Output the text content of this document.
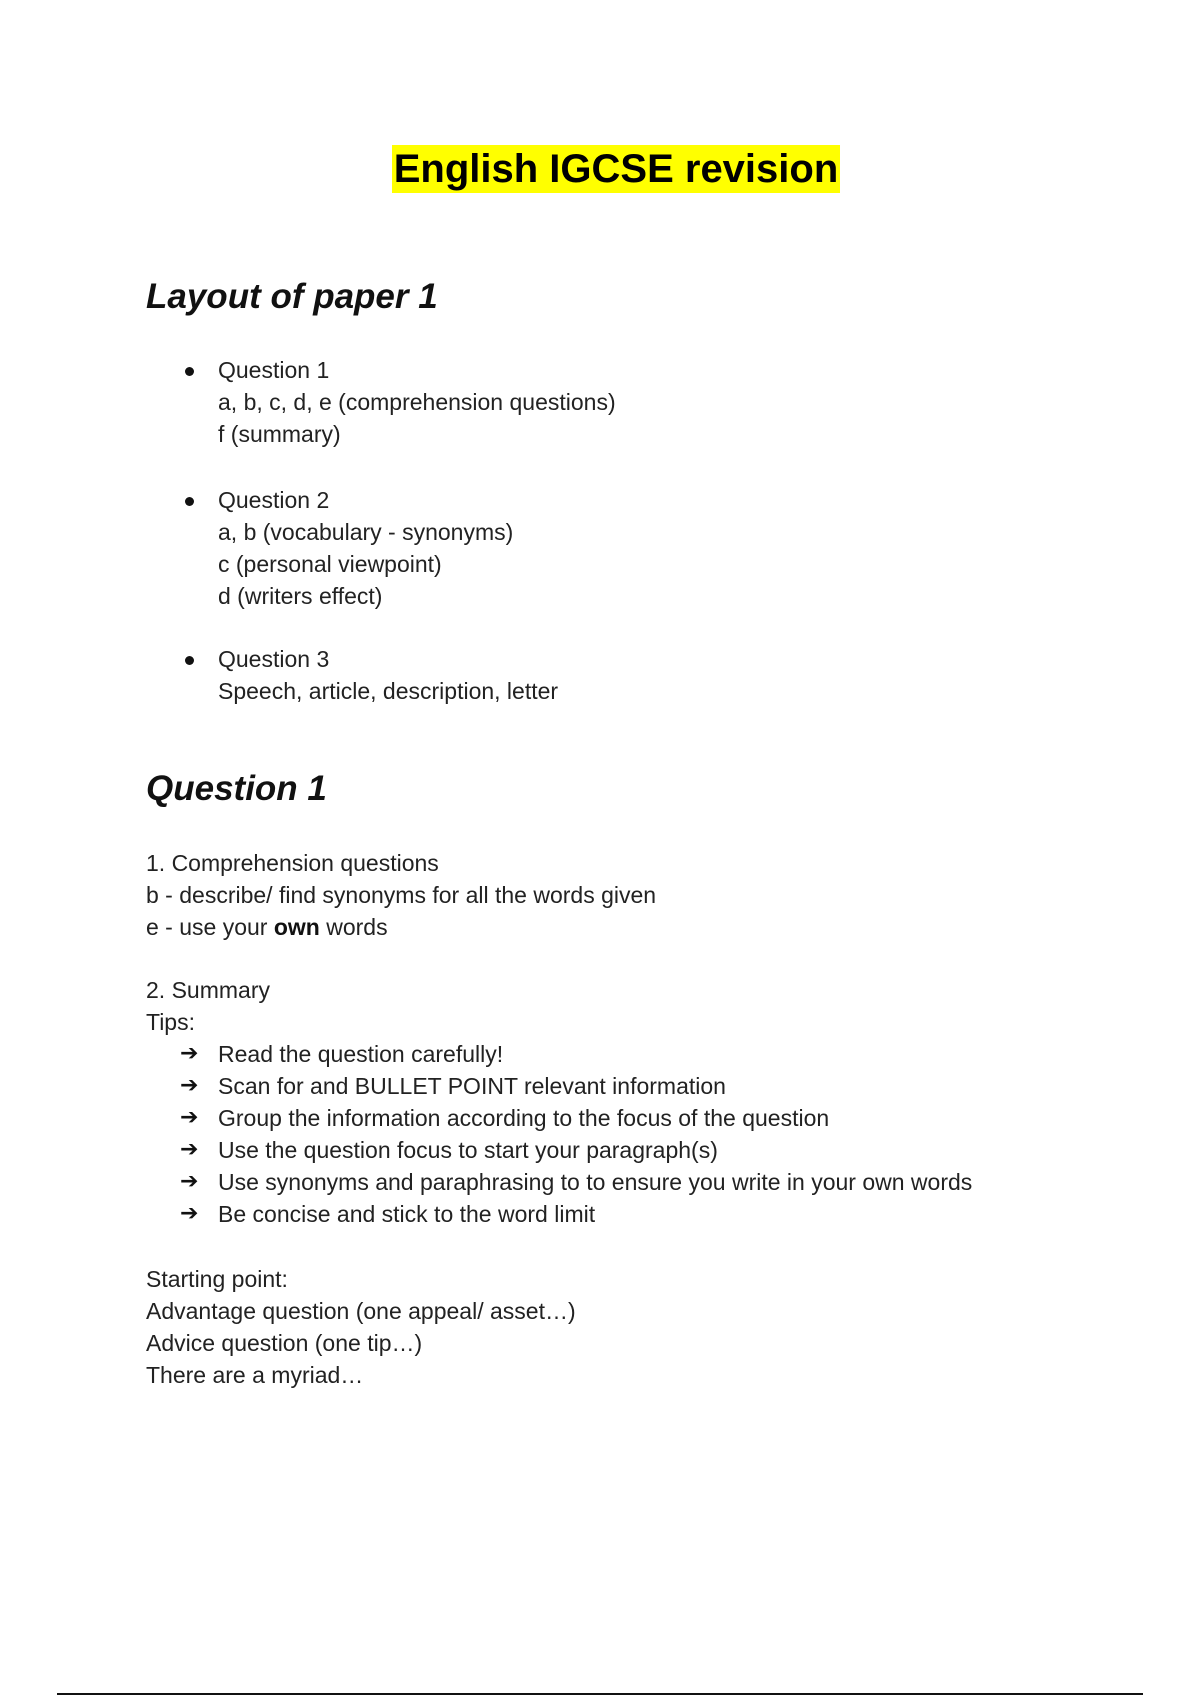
English IGCSE revision
Layout of paper 1
Question 1
a, b, c, d, e (comprehension questions)
f (summary)
Question 2
a, b (vocabulary - synonyms)
c (personal viewpoint)
d (writers effect)
Question 3
Speech, article, description, letter
Question 1
1. Comprehension questions
b - describe/ find synonyms for all the words given
e - use your own words
2. Summary
Tips:
➔ Read the question carefully!
➔ Scan for and BULLET POINT relevant information
➔ Group the information according to the focus of the question
➔ Use the question focus to start your paragraph(s)
➔ Use synonyms and paraphrasing to to ensure you write in your own words
➔ Be concise and stick to the word limit
Starting point:
Advantage question (one appeal/ asset…)
Advice question (one tip…)
There are a myriad…
